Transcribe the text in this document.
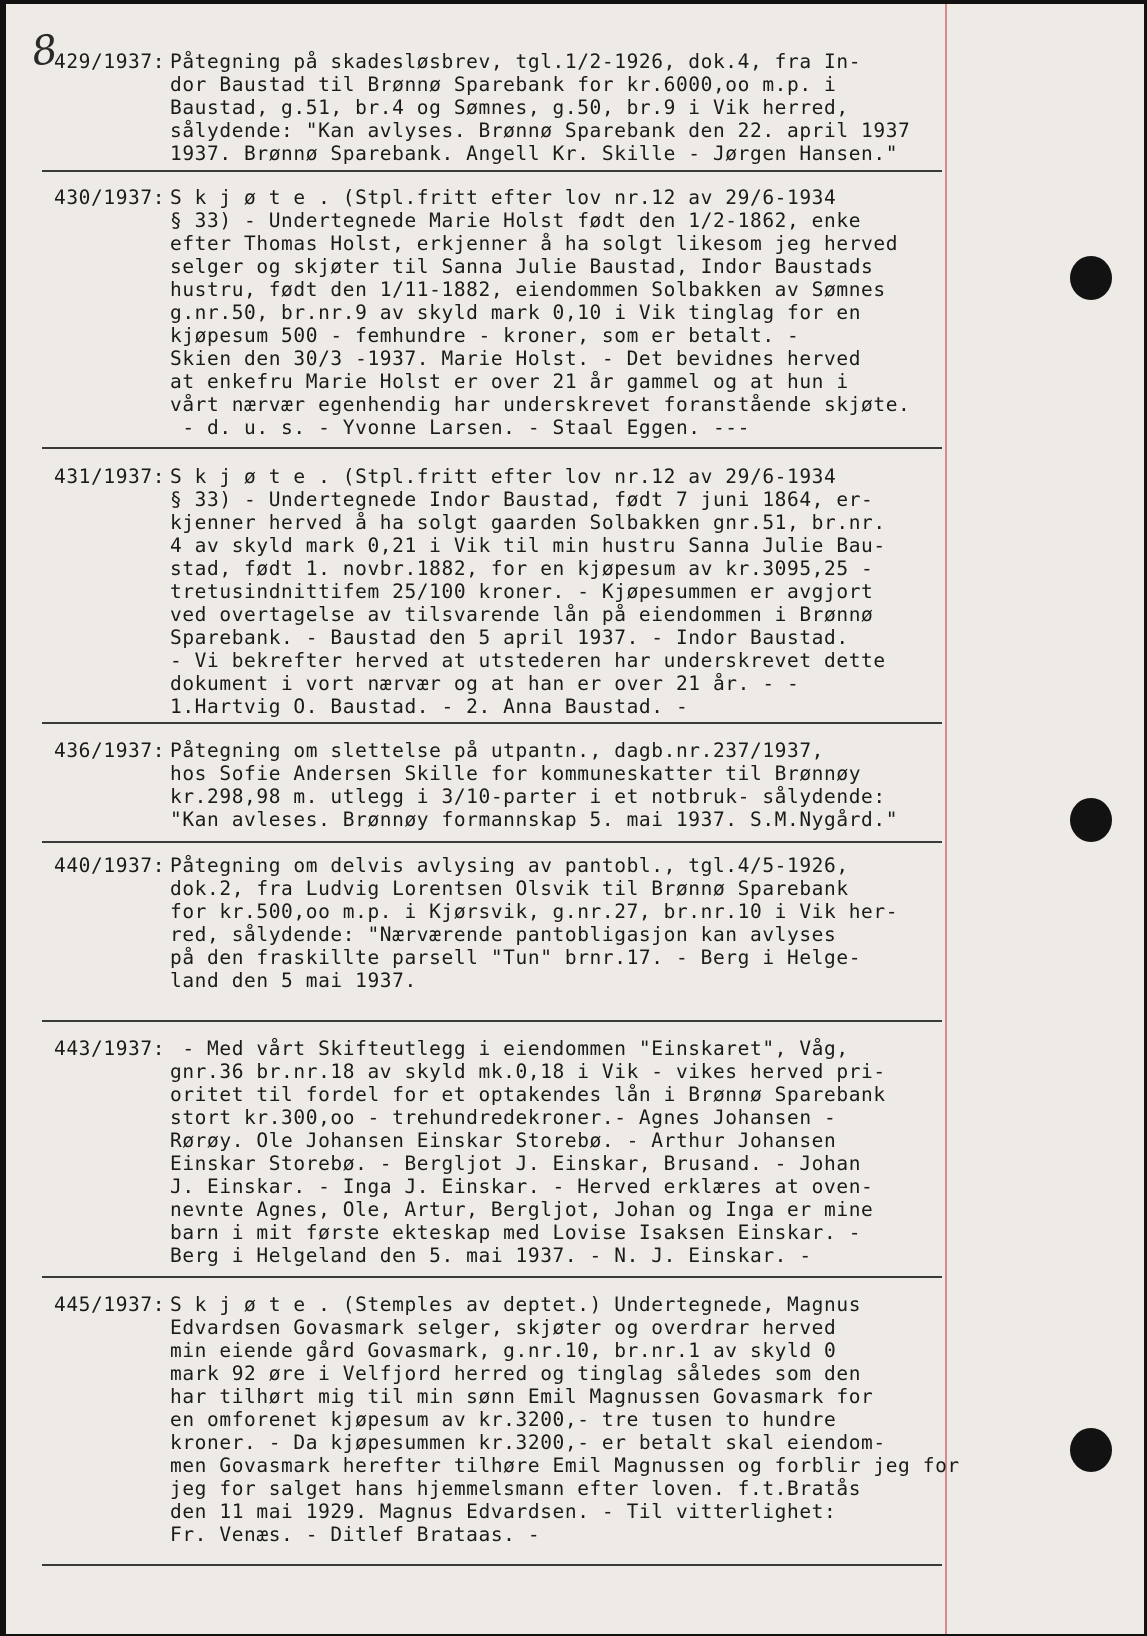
8
429/1937: Påtegning på skadesløsbrev, tgl.1/2-1926, dok.4, fra In-
dor Baustad til Brønnø Sparebank for kr.6000,oo m.p. i
Baustad, g.51, br.4 og Sømnes, g.50, br.9 i Vik herred,
sålydende: "Kan avlyses. Brønnø Sparebank den 22. april 1937
1937. Brønnø Sparebank. Angell Kr. Skille - Jørgen Hansen."
430/1937: S k j ø t e . (Stpl.fritt efter lov nr.12 av 29/6-1934
§ 33) - Undertegnede Marie Holst født den 1/2-1862, enke
efter Thomas Holst, erkjenner å ha solgt likesom jeg herved
selger og skjøter til Sanna Julie Baustad, Indor Baustads
hustru, født den 1/11-1882, eiendommen Solbakken av Sømnes
g.nr.50, br.nr.9 av skyld mark 0,10 i Vik tinglag for en
kjøpesum 500 - femhundre - kroner, som er betalt. -
Skien den 30/3 -1937. Marie Holst. - Det bevidnes herved
at enkefru Marie Holst er over 21 år gammel og at hun i
vårt nærvær egenhendig har underskrevet foranstående skjøte.
- d. u. s. - Yvonne Larsen. - Staal Eggen. ---
431/1937: S k j ø t e . (Stpl.fritt efter lov nr.12 av 29/6-1934
§ 33) - Undertegnede Indor Baustad, født 7 juni 1864, er-
kjenner herved å ha solgt gaarden Solbakken gnr.51, br.nr.
4 av skyld mark 0,21 i Vik til min hustru Sanna Julie Bau-
stad, født 1. novbr.1882, for en kjøpesum av kr.3095,25 -
tretusindnittifem 25/100 kroner. - Kjøpesummen er avgjort
ved overtagelse av tilsvarende lån på eiendommen i Brønnø
Sparebank. - Baustad den 5 april 1937. - Indor Baustad.
- Vi bekrefter herved at utstederen har underskrevet dette
dokument i vort nærvær og at han er over 21 år. - -
1.Hartvig O. Baustad. - 2. Anna Baustad. -
436/1937: Påtegning om slettelse på utpantn., dagb.nr.237/1937,
hos Sofie Andersen Skille for kommuneskatter til Brønnøy
kr.298,98 m. utlegg i 3/10-parter i et notbruk- sålydende:
"Kan avleses. Brønnøy formannskap 5. mai 1937. S.M.Nygård."
440/1937: Påtegning om delvis avlysing av pantobl., tgl.4/5-1926,
dok.2, fra Ludvig Lorentsen Olsvik til Brønnø Sparebank
for kr.500,oo m.p. i Kjørsvik, g.nr.27, br.nr.10 i Vik her-
red, sålydende: "Nærværende pantobligasjon kan avlyses
på den fraskillte parsell "Tun" brnr.17. - Berg i Helge-
land den 5 mai 1937.
443/1937: - Med vårt Skifteutlegg i eiendommen "Einskaret", Våg,
gnr.36 br.nr.18 av skyld mk.0,18 i Vik - vikes herved pri-
oritet til fordel for et optakendes lån i Brønnø Sparebank
stort kr.300,oo - trehundredekroner.- Agnes Johansen -
Rørøy. Ole Johansen Einskar Storebø. - Arthur Johansen
Einskar Storebø. - Bergljot J. Einskar, Brusand. - Johan
J. Einskar. - Inga J. Einskar. - Herved erklæres at oven-
nevnte Agnes, Ole, Artur, Bergljot, Johan og Inga er mine
barn i mit første ekteskap med Lovise Isaksen Einskar. -
Berg i Helgeland den 5. mai 1937. - N. J. Einskar. -
445/1937: S k j ø t e . (Stemples av deptet.) Undertegnede, Magnus
Edvardsen Govasmark selger, skjøter og overdrar herved
min eiende gård Govasmark, g.nr.10, br.nr.1 av skyld 0
mark 92 øre i Velfjord herred og tinglag således som den
har tilhørt mig til min sønn Emil Magnussen Govasmark for
en omforenet kjøpesum av kr.3200,- tre tusen to hundre
kroner. - Da kjøpesummen kr.3200,- er betalt skal eiendom-
men Govasmark herefter tilhøre Emil Magnussen og forblir jeg for
jeg for salget hans hjemmelsmann efter loven. f.t.Bratås
den 11 mai 1929. Magnus Edvardsen. - Til vitterlighet:
Fr. Venæs. - Ditlef Brataas. -
